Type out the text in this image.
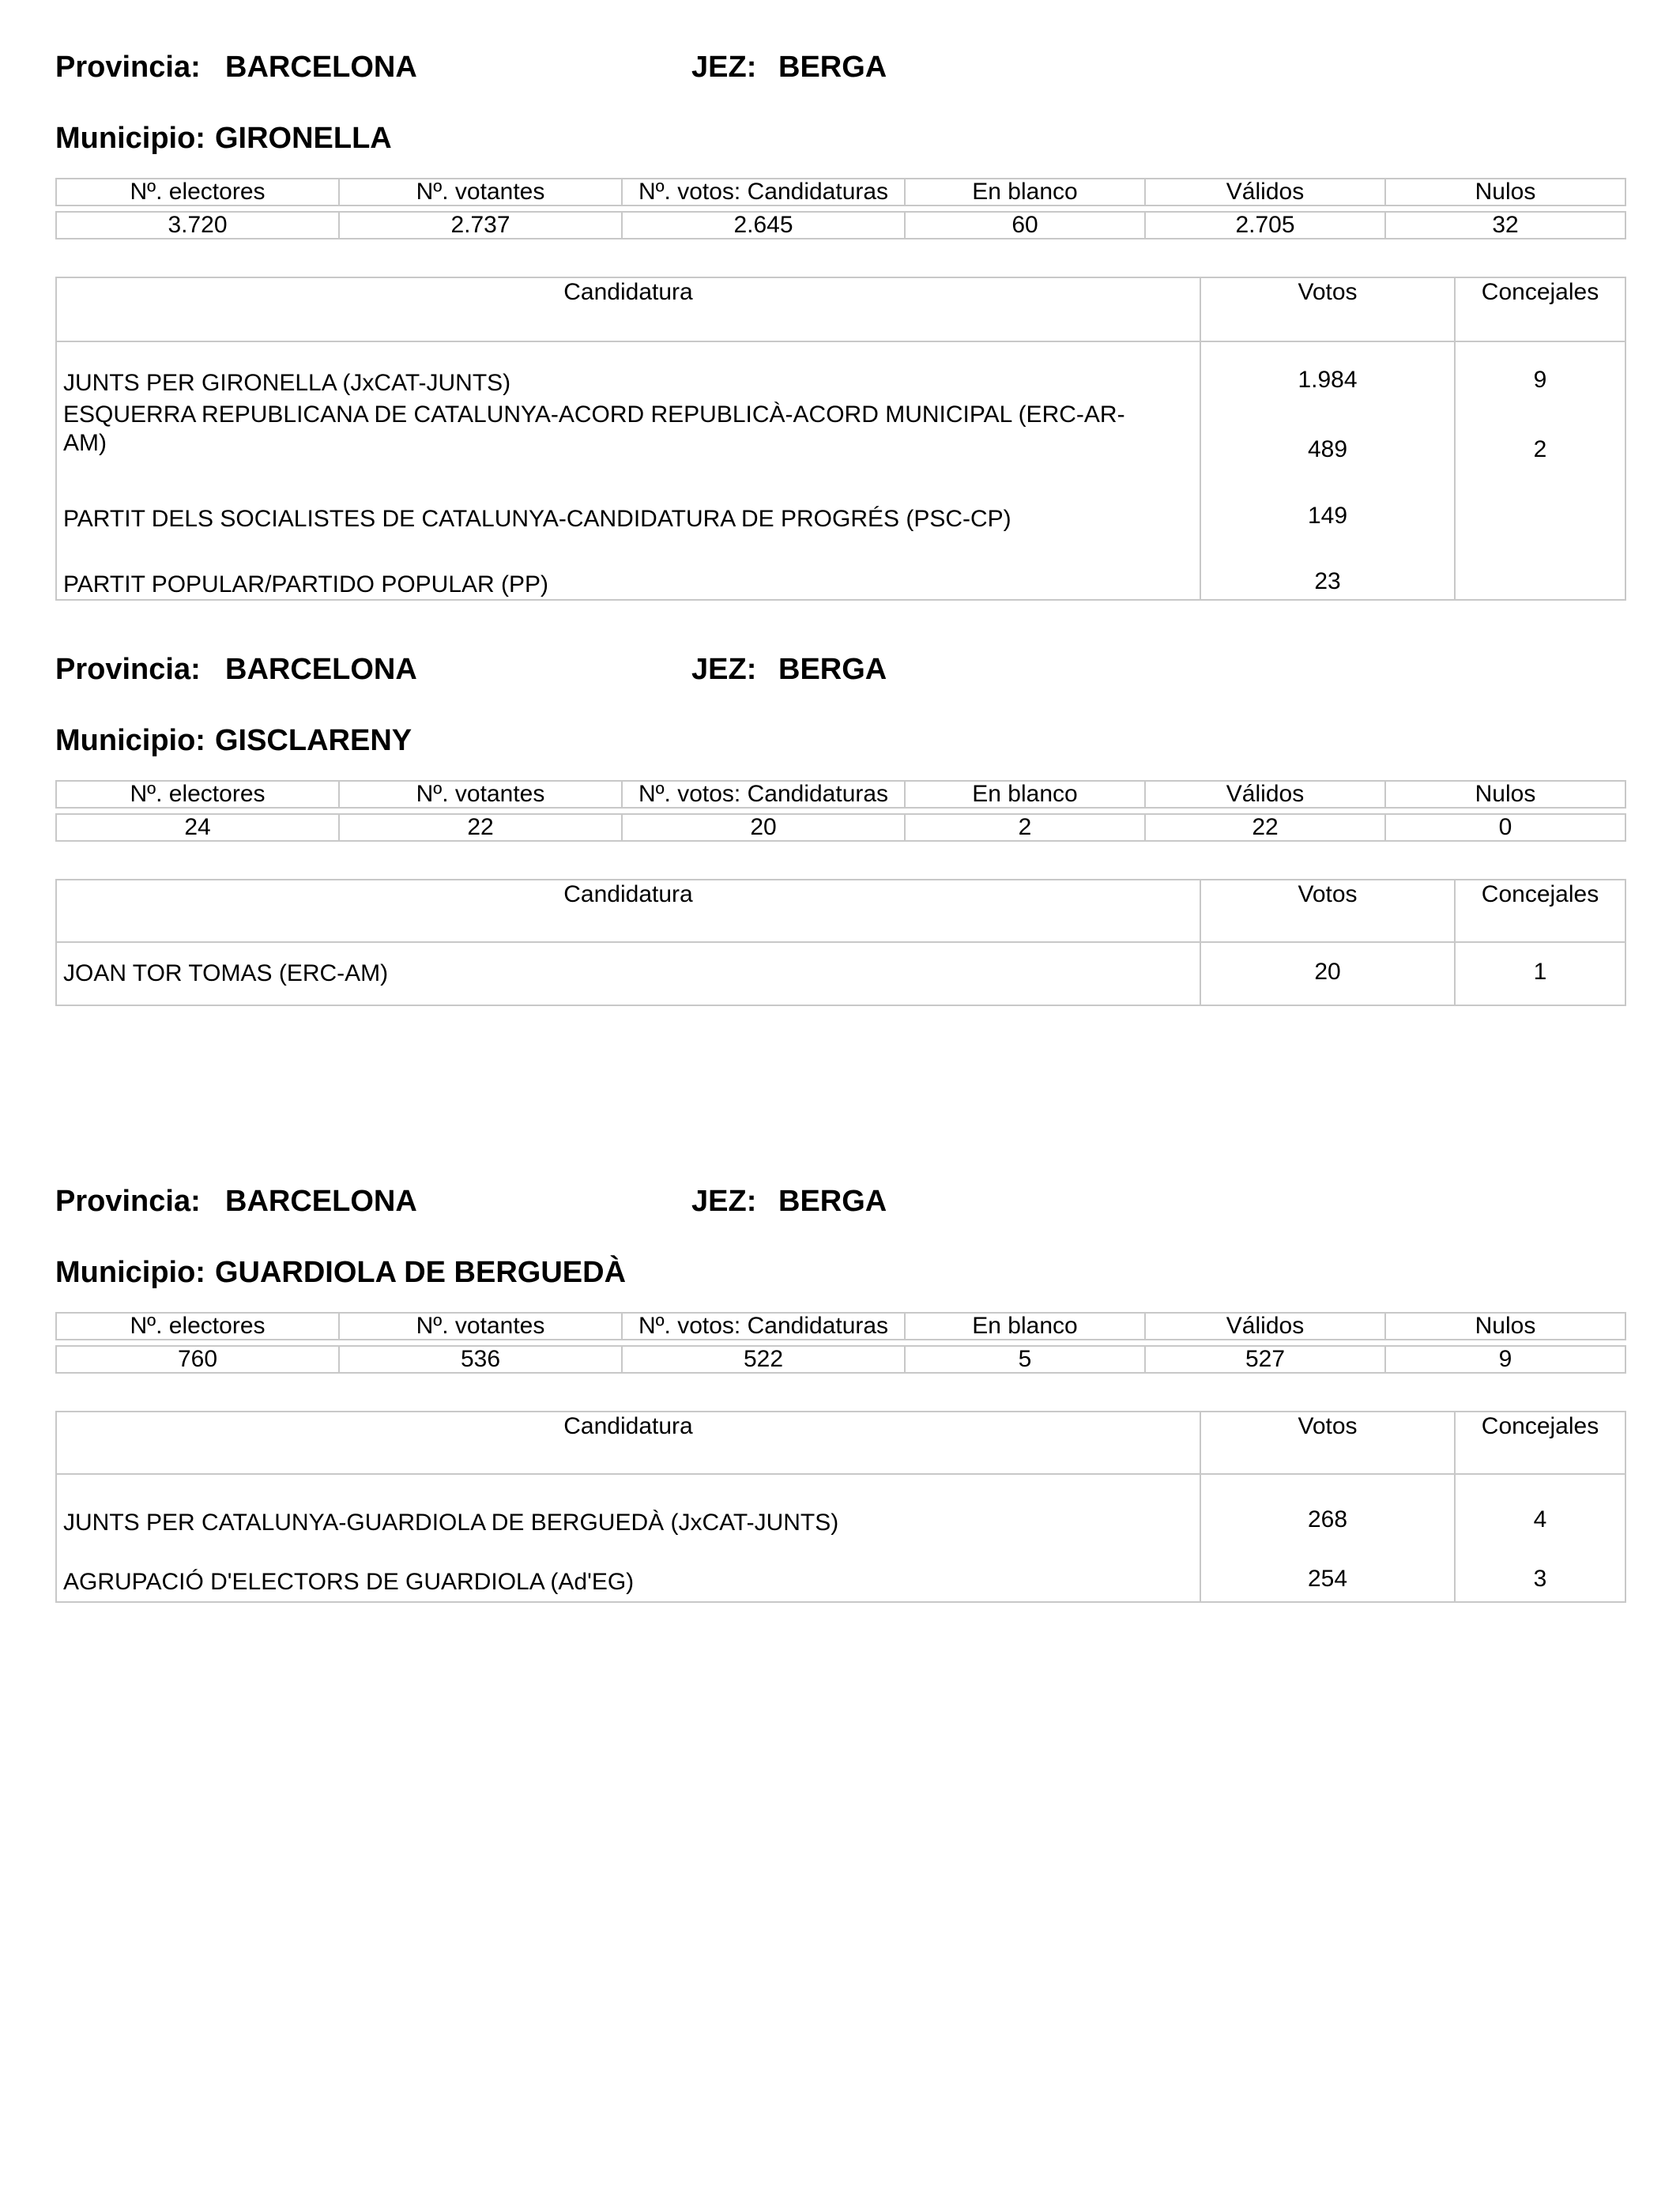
Provincia: BARCELONA	JEZ: BERGA
Municipio: GIRONELLA
Nº. electores	Nº. votantes	Nº. votos: Candidaturas	En blanco	Válidos	Nulos

3.720	2.737	2.645	60	2.705	32
Candidatura	Votos	Concejales
JUNTS PER GIRONELLA (JxCAT-JUNTS)	1.984	9
ESQUERRA REPUBLICANA DE CATALUNYA-ACORD REPUBLICÀ-ACORD MUNICIPAL (ERC-AR-AM)	489	2
PARTIT DELS SOCIALISTES DE CATALUNYA-CANDIDATURA DE PROGRÉS (PSC-CP)	149	
PARTIT POPULAR/PARTIDO POPULAR (PP)	23	
Provincia: BARCELONA	JEZ: BERGA
Municipio: GISCLARENY
Nº. electores	Nº. votantes	Nº. votos: Candidaturas	En blanco	Válidos	Nulos

24	22	20	2	22	0
Candidatura	Votos	Concejales
JOAN TOR TOMAS (ERC-AM)	20	1
Provincia: BARCELONA	JEZ: BERGA
Municipio: GUARDIOLA DE BERGUEDÀ
Nº. electores	Nº. votantes	Nº. votos: Candidaturas	En blanco	Válidos	Nulos

760	536	522	5	527	9
Candidatura	Votos	Concejales
JUNTS PER CATALUNYA-GUARDIOLA DE BERGUEDÀ (JxCAT-JUNTS)	268	4
AGRUPACIÓ D'ELECTORS DE GUARDIOLA (Ad'EG)	254	3
